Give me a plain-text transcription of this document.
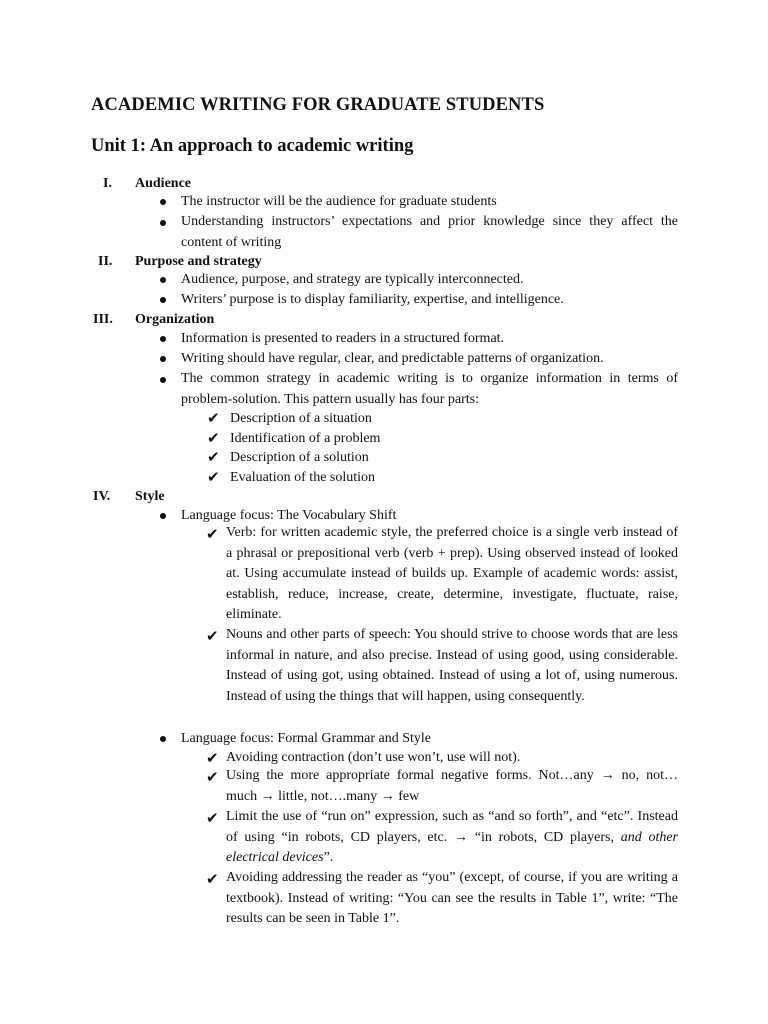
ACADEMIC WRITING FOR GRADUATE STUDENTS
Unit 1: An approach to academic writing
I. Audience
The instructor will be the audience for graduate students
Understanding instructors’ expectations and prior knowledge since they affect the content of writing
II. Purpose and strategy
Audience, purpose, and strategy are typically interconnected.
Writers’ purpose is to display familiarity, expertise, and intelligence.
III. Organization
Information is presented to readers in a structured format.
Writing should have regular, clear, and predictable patterns of organization.
The common strategy in academic writing is to organize information in terms of problem-solution. This pattern usually has four parts:
✔ Description of a situation
✔ Identification of a problem
✔ Description of a solution
✔ Evaluation of the solution
IV. Style
Language focus: The Vocabulary Shift
✔ Verb: for written academic style, the preferred choice is a single verb instead of a phrasal or prepositional verb (verb + prep). Using observed instead of looked at. Using accumulate instead of builds up. Example of academic words: assist, establish, reduce, increase, create, determine, investigate, fluctuate, raise, eliminate.
✔ Nouns and other parts of speech: You should strive to choose words that are less informal in nature, and also precise. Instead of using good, using considerable. Instead of using got, using obtained. Instead of using a lot of, using numerous. Instead of using the things that will happen, using consequently.
Language focus: Formal Grammar and Style
✔ Avoiding contraction (don’t use won’t, use will not).
✔ Using the more appropriate formal negative forms. Not…any → no, not… much → little, not….many → few
✔ Limit the use of “run on” expression, such as “and so forth”, and “etc”. Instead of using “in robots, CD players, etc. → “in robots, CD players, and other electrical devices”.
✔ Avoiding addressing the reader as “you” (except, of course, if you are writing a textbook). Instead of writing: “You can see the results in Table 1”, write: “The results can be seen in Table 1”.
